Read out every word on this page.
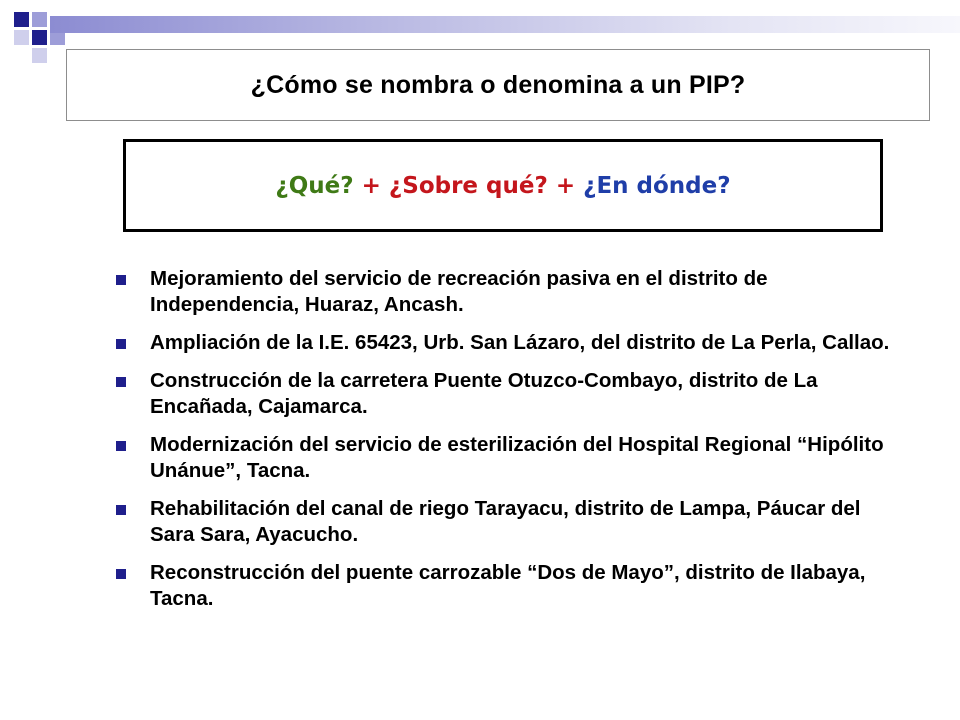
¿Cómo se nombra o denomina a un PIP?
¿Qué? + ¿Sobre qué? + ¿En dónde?
Mejoramiento del servicio de recreación pasiva en el distrito de Independencia, Huaraz, Ancash.
Ampliación de la I.E. 65423, Urb. San Lázaro, del distrito de La Perla, Callao.
Construcción de la carretera Puente Otuzco-Combayo, distrito de La Encañada, Cajamarca.
Modernización del servicio de esterilización del Hospital Regional “Hipólito Unánue”, Tacna.
Rehabilitación del canal de riego Tarayacu, distrito de Lampa, Páucar del Sara Sara, Ayacucho.
Reconstrucción del puente carrozable “Dos de Mayo”, distrito de Ilabaya, Tacna.
